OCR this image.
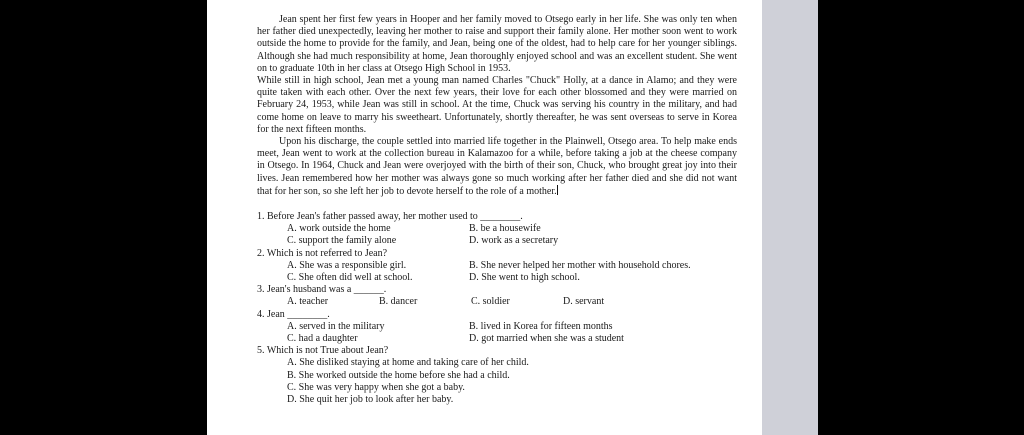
Jean spent her first few years in Hooper and her family moved to Otsego early in her life. She was only ten when her father died unexpectedly, leaving her mother to raise and support their family alone. Her mother soon went to work outside the home to provide for the family, and Jean, being one of the oldest, had to help care for her younger siblings. Although she had much responsibility at home, Jean thoroughly enjoyed school and was an excellent student. She went on to graduate 10th in her class at Otsego High School in 1953.

While still in high school, Jean met a young man named Charles "Chuck" Holly, at a dance in Alamo; and they were quite taken with each other. Over the next few years, their love for each other blossomed and they were married on February 24, 1953, while Jean was still in school. At the time, Chuck was serving his country in the military, and had come home on leave to marry his sweetheart. Unfortunately, shortly thereafter, he was sent overseas to serve in Korea for the next fifteen months.

Upon his discharge, the couple settled into married life together in the Plainwell, Otsego area. To help make ends meet, Jean went to work at the collection bureau in Kalamazoo for a while, before taking a job at the cheese company in Otsego. In 1964, Chuck and Jean were overjoyed with the birth of their son, Chuck, who brought great joy into their lives. Jean remembered how her mother was always gone so much working after her father died and she did not want that for her son, so she left her job to devote herself to the role of a mother.

1. Before Jean's father passed away, her mother used to ________.

A. work outside the home	B. be a housewife
C. support the family alone	D. work as a secretary

2. Which is not referred to Jean?

A. She was a responsible girl.	B. She never helped her mother with household chores.
C. She often did well at school.	D. She went to high school.

3. Jean's husband was a ______.

A. teacher	B. dancer	C. soldier	D. servant

4. Jean ________.

A. served in the military	B. lived in Korea for fifteen months
C. had a daughter	D. got married when she was a student

5. Which is not True about Jean?

A. She disliked staying at home and taking care of her child.
B. She worked outside the home before she had a child.
C. She was very happy when she got a baby.
D. She quit her job to look after her baby.
